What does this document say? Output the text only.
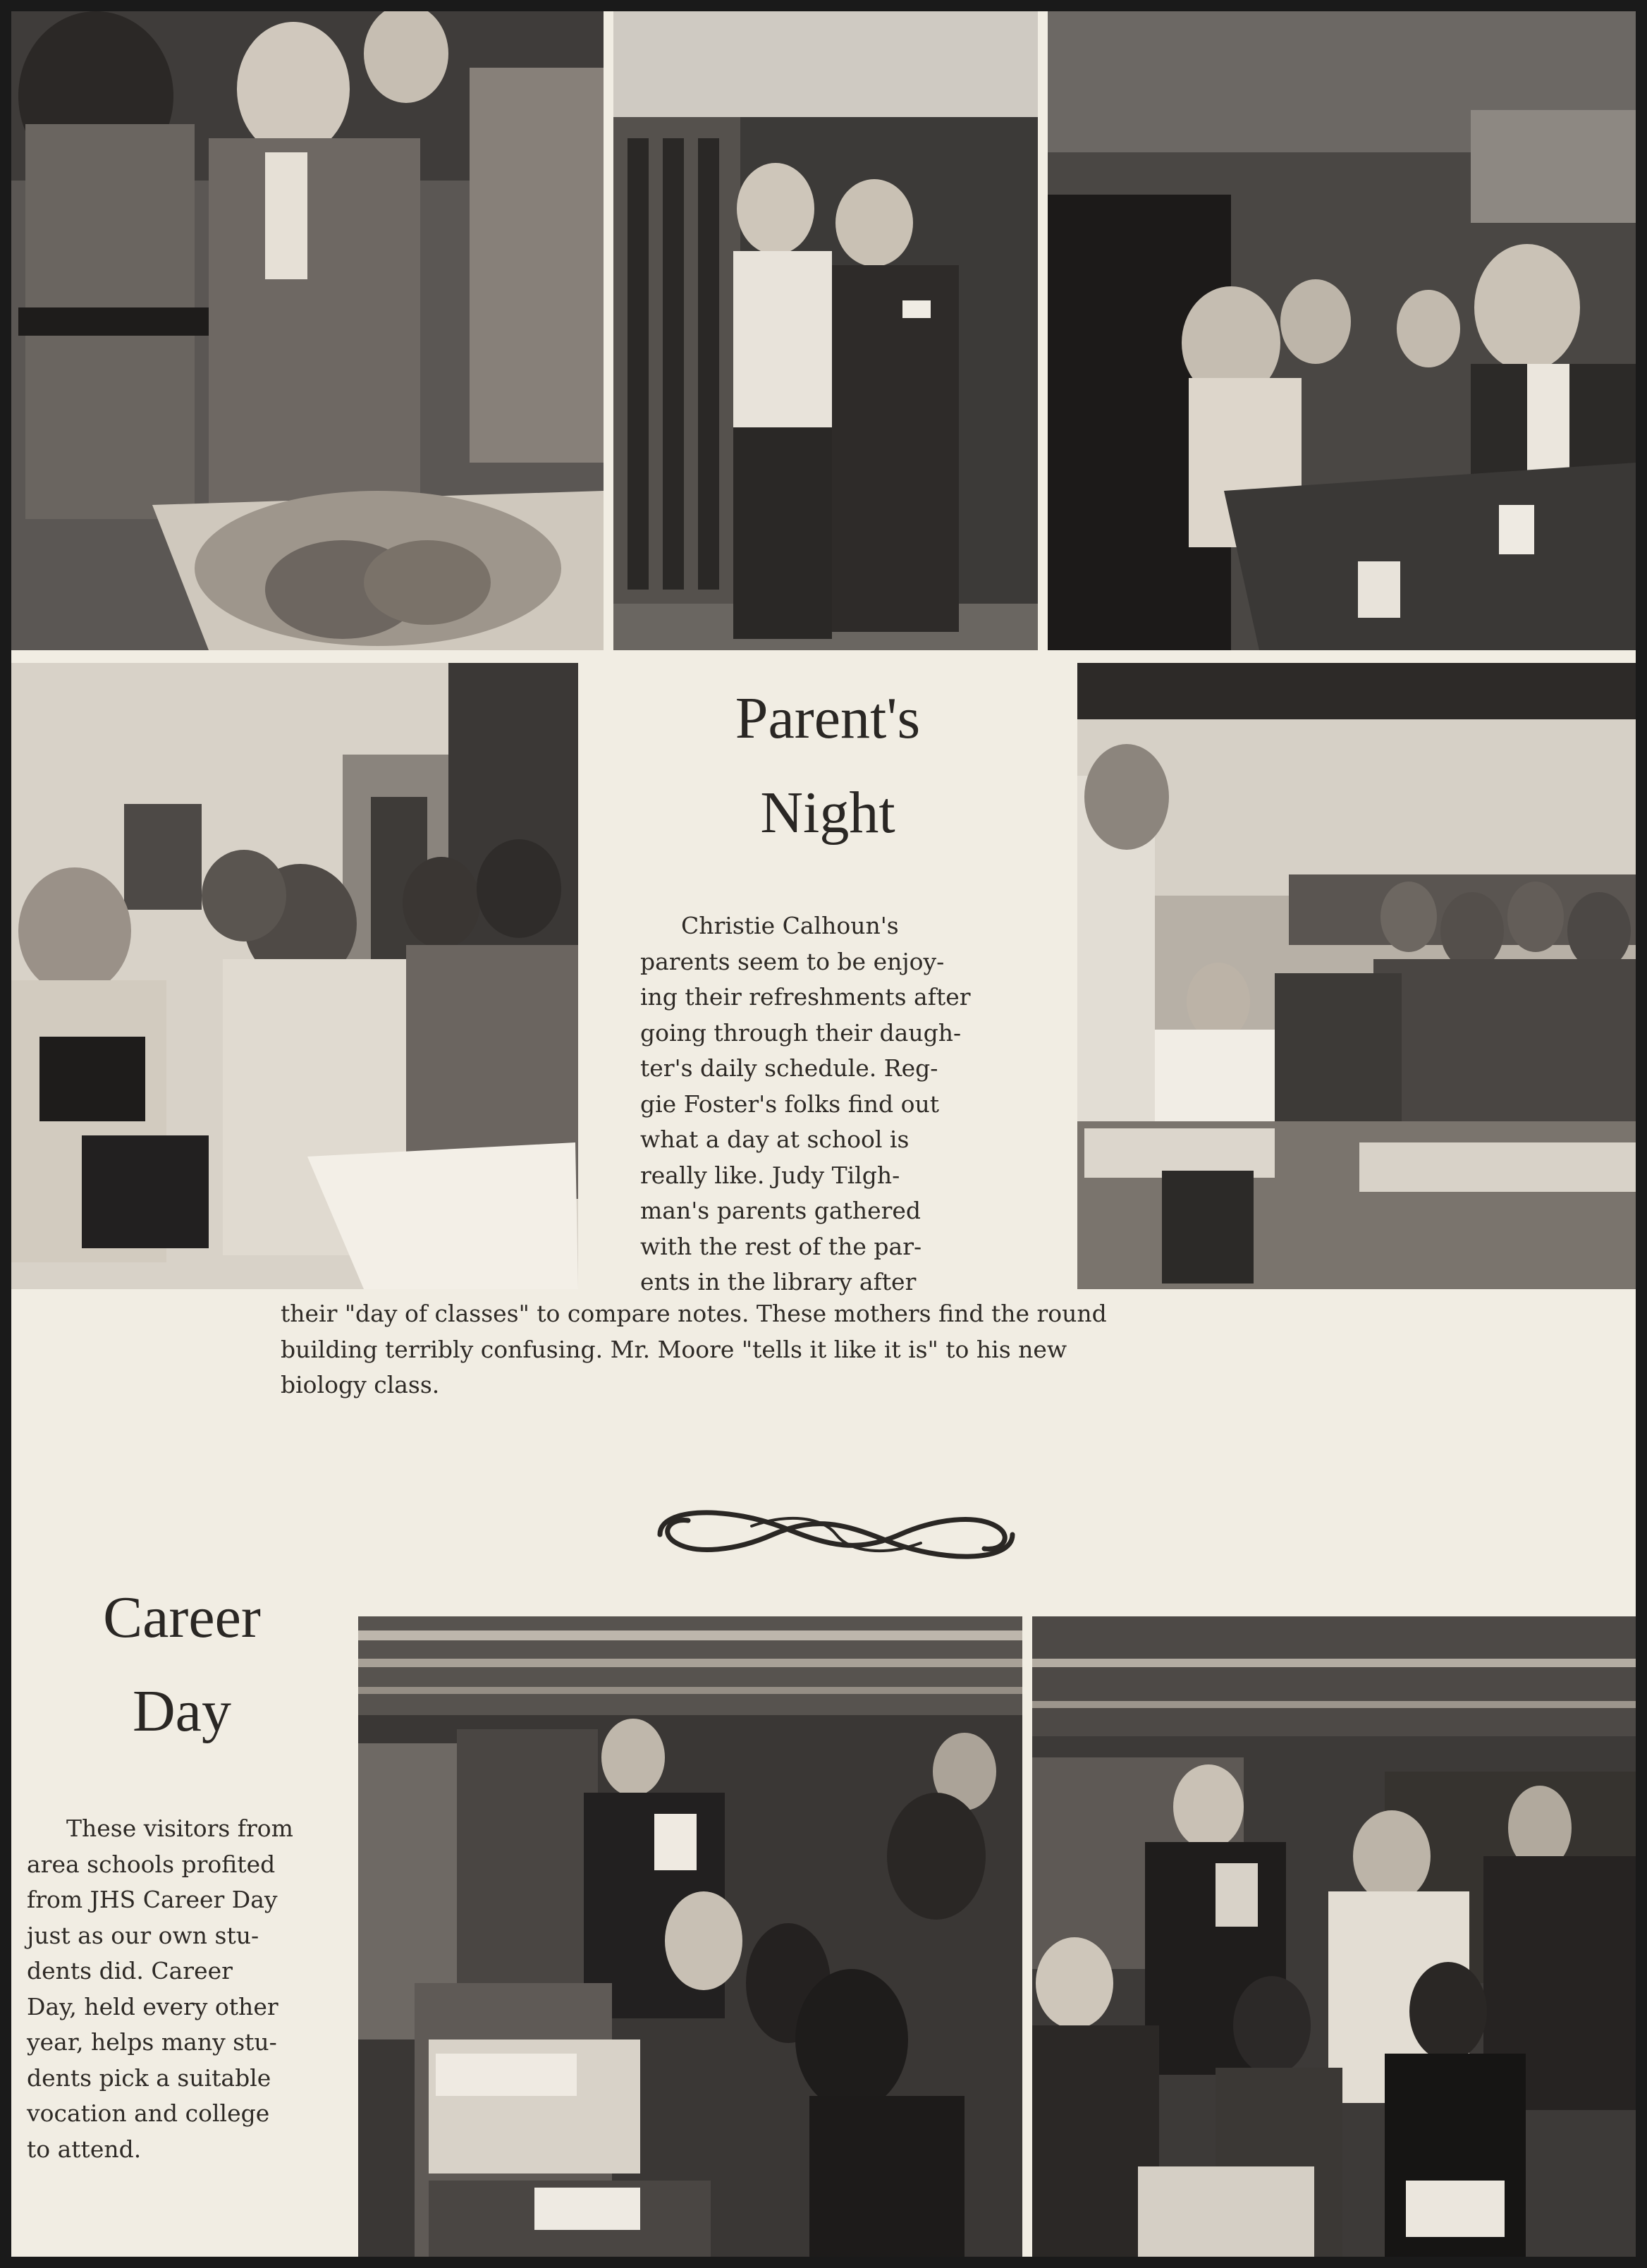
Parent's
Night

Christie Calhoun's
parents seem to be enjoy-
ing their refreshments after
going through their daugh-
ter's daily schedule. Reg-
gie Foster's folks find out
what a day at school is
really like. Judy Tilgh-
man's parents gathered
with the rest of the par-
ents in the library after

their "day of classes" to compare notes. These mothers find the round
building terribly confusing. Mr. Moore "tells it like it is" to his new
biology class.

Career
Day

These visitors from
area schools profited
from JHS Career Day
just as our own stu-
dents did. Career
Day, held every other
year, helps many stu-
dents pick a suitable
vocation and college
to attend.
